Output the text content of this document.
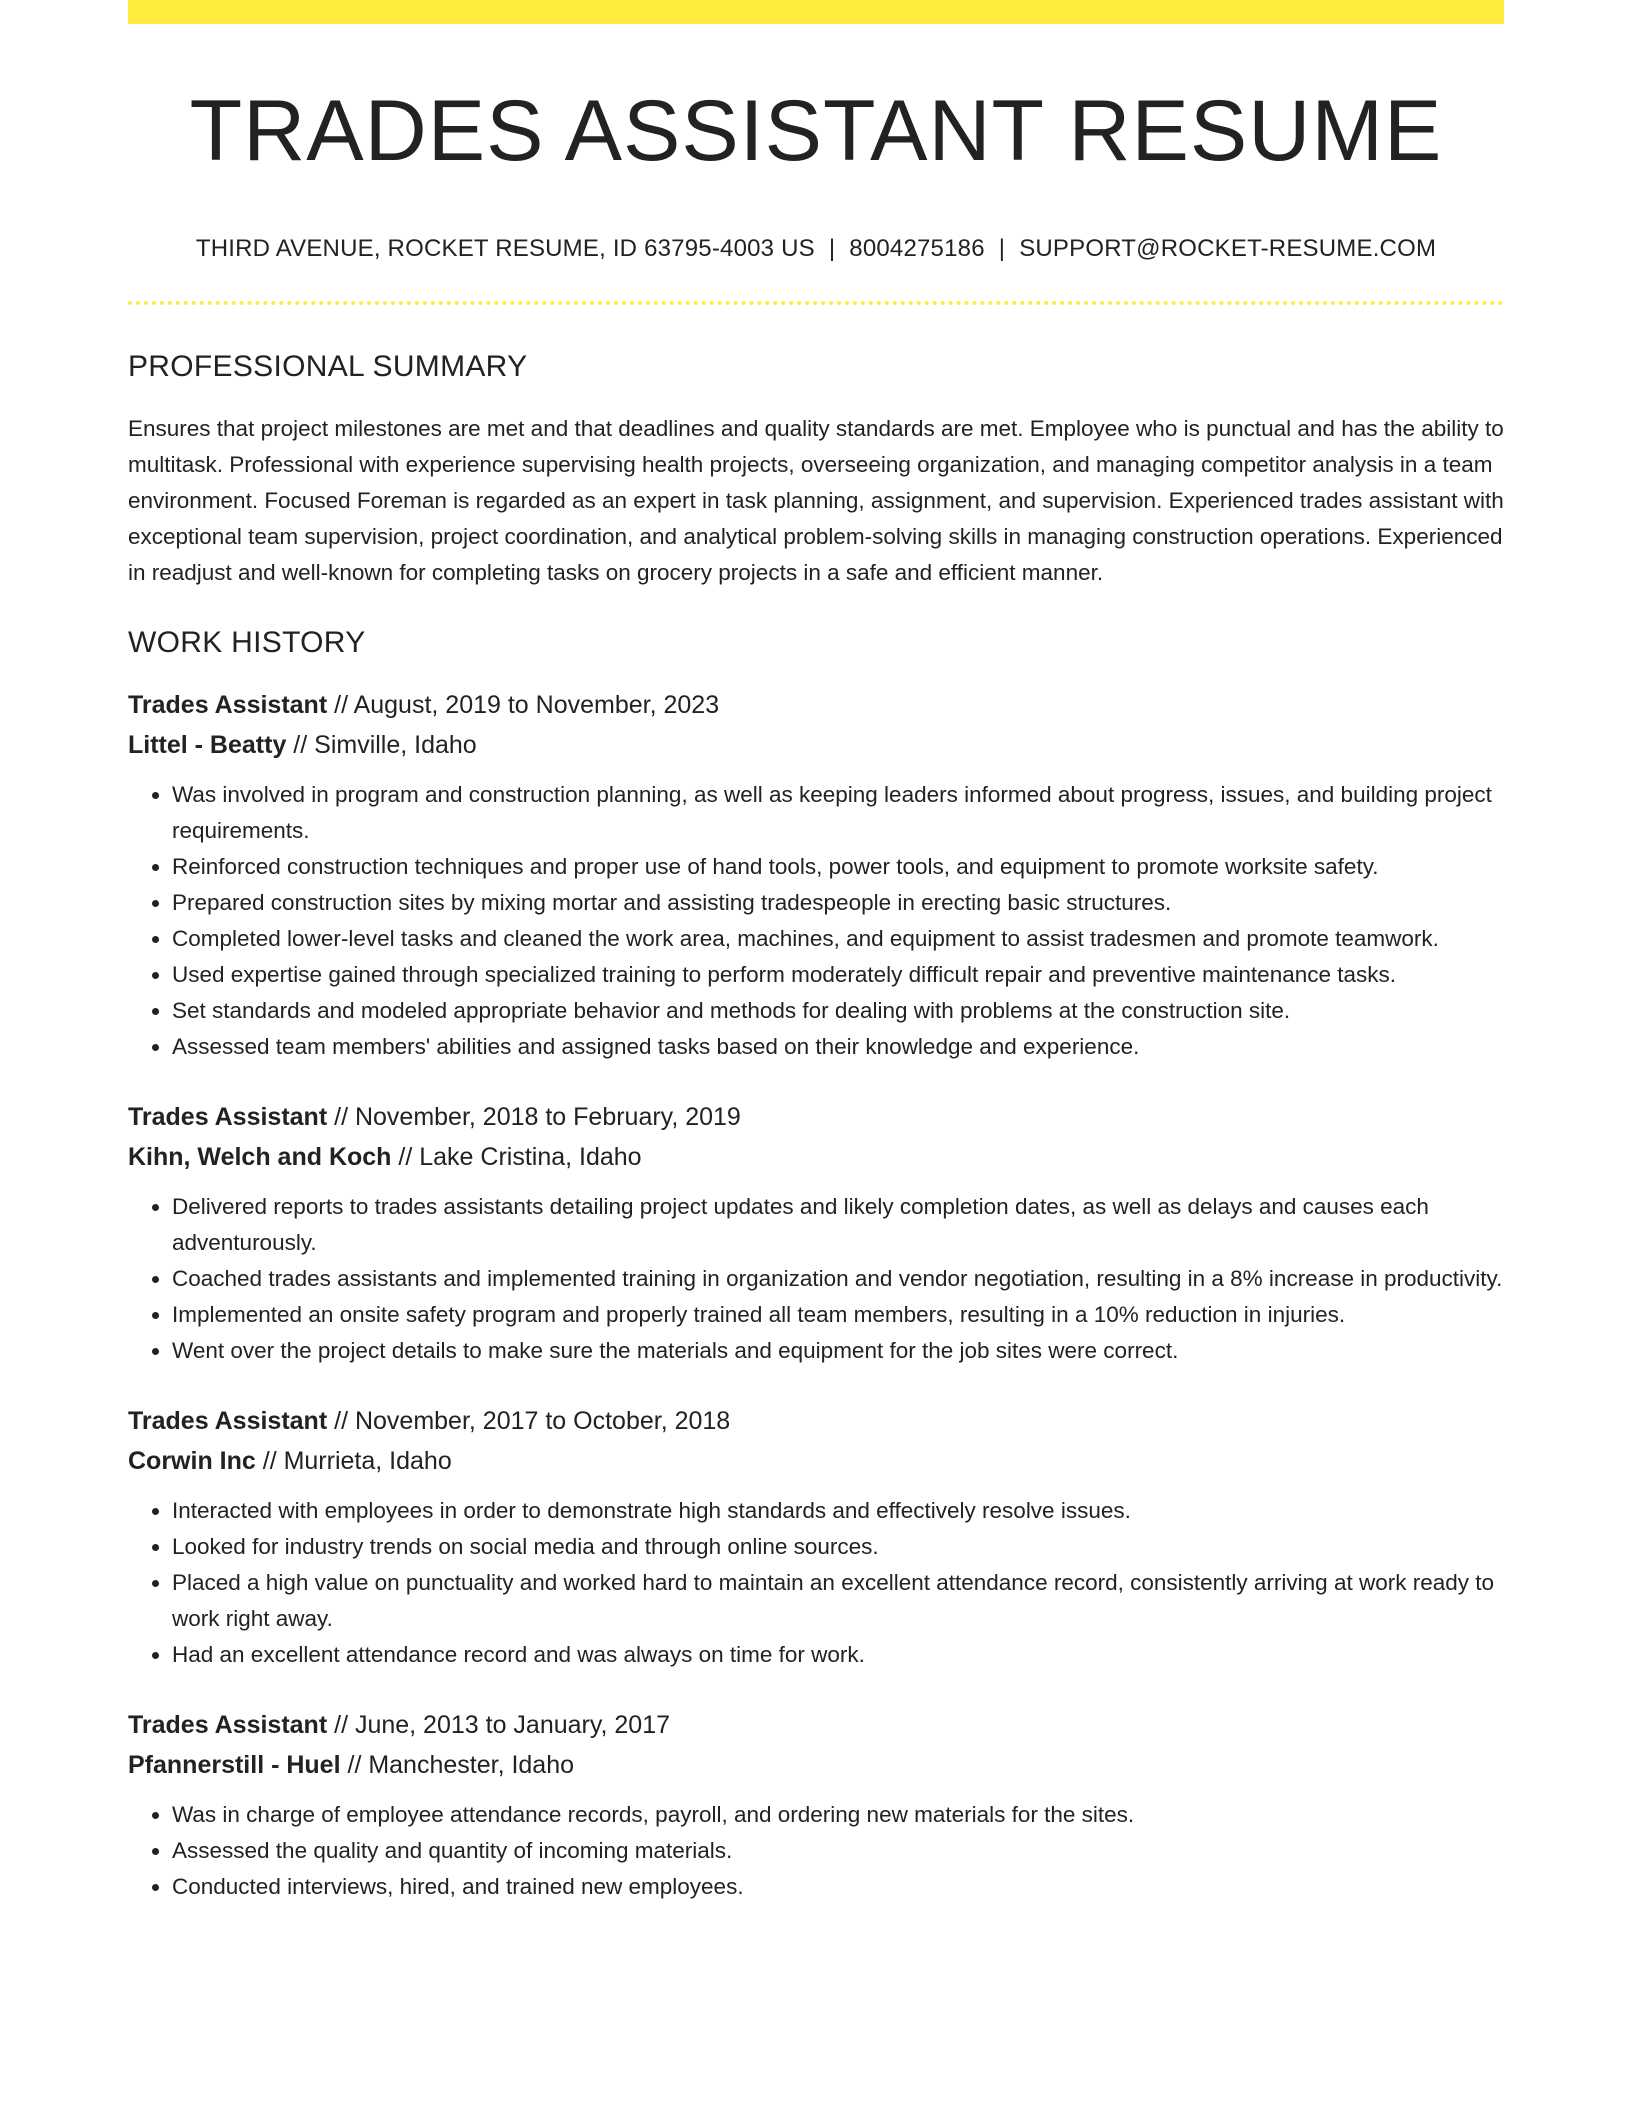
TRADES ASSISTANT RESUME
THIRD AVENUE, ROCKET RESUME, ID 63795-4003 US | 8004275186 | SUPPORT@ROCKET-RESUME.COM
PROFESSIONAL SUMMARY

Ensures that project milestones are met and that deadlines and quality standards are met. Employee who is punctual and has the ability to multitask. Professional with experience supervising health projects, overseeing organization, and managing competitor analysis in a team environment. Focused Foreman is regarded as an expert in task planning, assignment, and supervision. Experienced trades assistant with exceptional team supervision, project coordination, and analytical problem-solving skills in managing construction operations. Experienced in readjust and well-known for completing tasks on grocery projects in a safe and efficient manner.

WORK HISTORY
Trades Assistant // August, 2019 to November, 2023
Littel - Beatty // Simville, Idaho
• Was involved in program and construction planning, as well as keeping leaders informed about progress, issues, and building project requirements.
• Reinforced construction techniques and proper use of hand tools, power tools, and equipment to promote worksite safety.
• Prepared construction sites by mixing mortar and assisting tradespeople in erecting basic structures.
• Completed lower-level tasks and cleaned the work area, machines, and equipment to assist tradesmen and promote teamwork.
• Used expertise gained through specialized training to perform moderately difficult repair and preventive maintenance tasks.
• Set standards and modeled appropriate behavior and methods for dealing with problems at the construction site.
• Assessed team members' abilities and assigned tasks based on their knowledge and experience.
Trades Assistant // November, 2018 to February, 2019
Kihn, Welch and Koch // Lake Cristina, Idaho
• Delivered reports to trades assistants detailing project updates and likely completion dates, as well as delays and causes each adventurously.
• Coached trades assistants and implemented training in organization and vendor negotiation, resulting in a 8% increase in productivity.
• Implemented an onsite safety program and properly trained all team members, resulting in a 10% reduction in injuries.
• Went over the project details to make sure the materials and equipment for the job sites were correct.
Trades Assistant // November, 2017 to October, 2018
Corwin Inc // Murrieta, Idaho
• Interacted with employees in order to demonstrate high standards and effectively resolve issues.
• Looked for industry trends on social media and through online sources.
• Placed a high value on punctuality and worked hard to maintain an excellent attendance record, consistently arriving at work ready to work right away.
• Had an excellent attendance record and was always on time for work.
Trades Assistant // June, 2013 to January, 2017
Pfannerstill - Huel // Manchester, Idaho
• Was in charge of employee attendance records, payroll, and ordering new materials for the sites.
• Assessed the quality and quantity of incoming materials.
• Conducted interviews, hired, and trained new employees.
